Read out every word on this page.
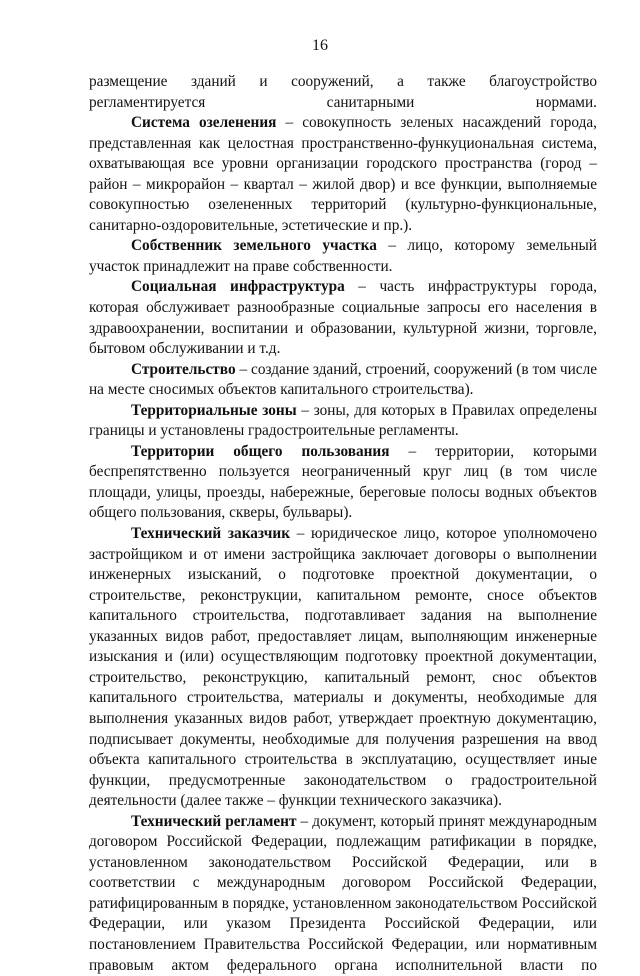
16

размещение зданий и сооружений, а также благоустройство регламентируется санитарными нормами.

Система озеленения – совокупность зеленых насаждений города, представленная как целостная пространственно-функуциональная система, охватывающая все уровни организации городского пространства (город – район – микрорайон – квартал – жилой двор) и все функции, выполняемые совокупностью озелененных территорий (культурно-функциональные, санитарно-оздоровительные, эстетические и пр.).

Собственник земельного участка – лицо, которому земельный участок принадлежит на праве собственности.

Социальная инфраструктура – часть инфраструктуры города, которая обслуживает разнообразные социальные запросы его населения в здравоохранении, воспитании и образовании, культурной жизни, торговле, бытовом обслуживании и т.д.

Строительство – создание зданий, строений, сооружений (в том числе на месте сносимых объектов капитального строительства).

Территориальные зоны – зоны, для которых в Правилах определены границы и установлены градостроительные регламенты.

Территории общего пользования – территории, которыми беспрепятственно пользуется неограниченный круг лиц (в том числе площади, улицы, проезды, набережные, береговые полосы водных объектов общего пользования, скверы, бульвары).

Технический заказчик – юридическое лицо, которое уполномочено застройщиком и от имени застройщика заключает договоры о выполнении инженерных изысканий, о подготовке проектной документации, о строительстве, реконструкции, капитальном ремонте, сносе объектов капитального строительства, подготавливает задания на выполнение указанных видов работ, предоставляет лицам, выполняющим инженерные изыскания и (или) осуществляющим подготовку проектной документации, строительство, реконструкцию, капитальный ремонт, снос объектов капитального строительства, материалы и документы, необходимые для выполнения указанных видов работ, утверждает проектную документацию, подписывает документы, необходимые для получения разрешения на ввод объекта капитального строительства в эксплуатацию, осуществляет иные функции, предусмотренные законодательством о градостроительной деятельности (далее также – функции технического заказчика).

Технический регламент – документ, который принят международным договором Российской Федерации, подлежащим ратификации в порядке, установленном законодательством Российской Федерации, или в соответствии с международным договором Российской Федерации, ратифицированным в порядке, установленном законодательством Российской Федерации, или указом Президента Российской Федерации, или постановлением Правительства Российской Федерации, или нормативным правовым актом федерального органа исполнительной власти по
